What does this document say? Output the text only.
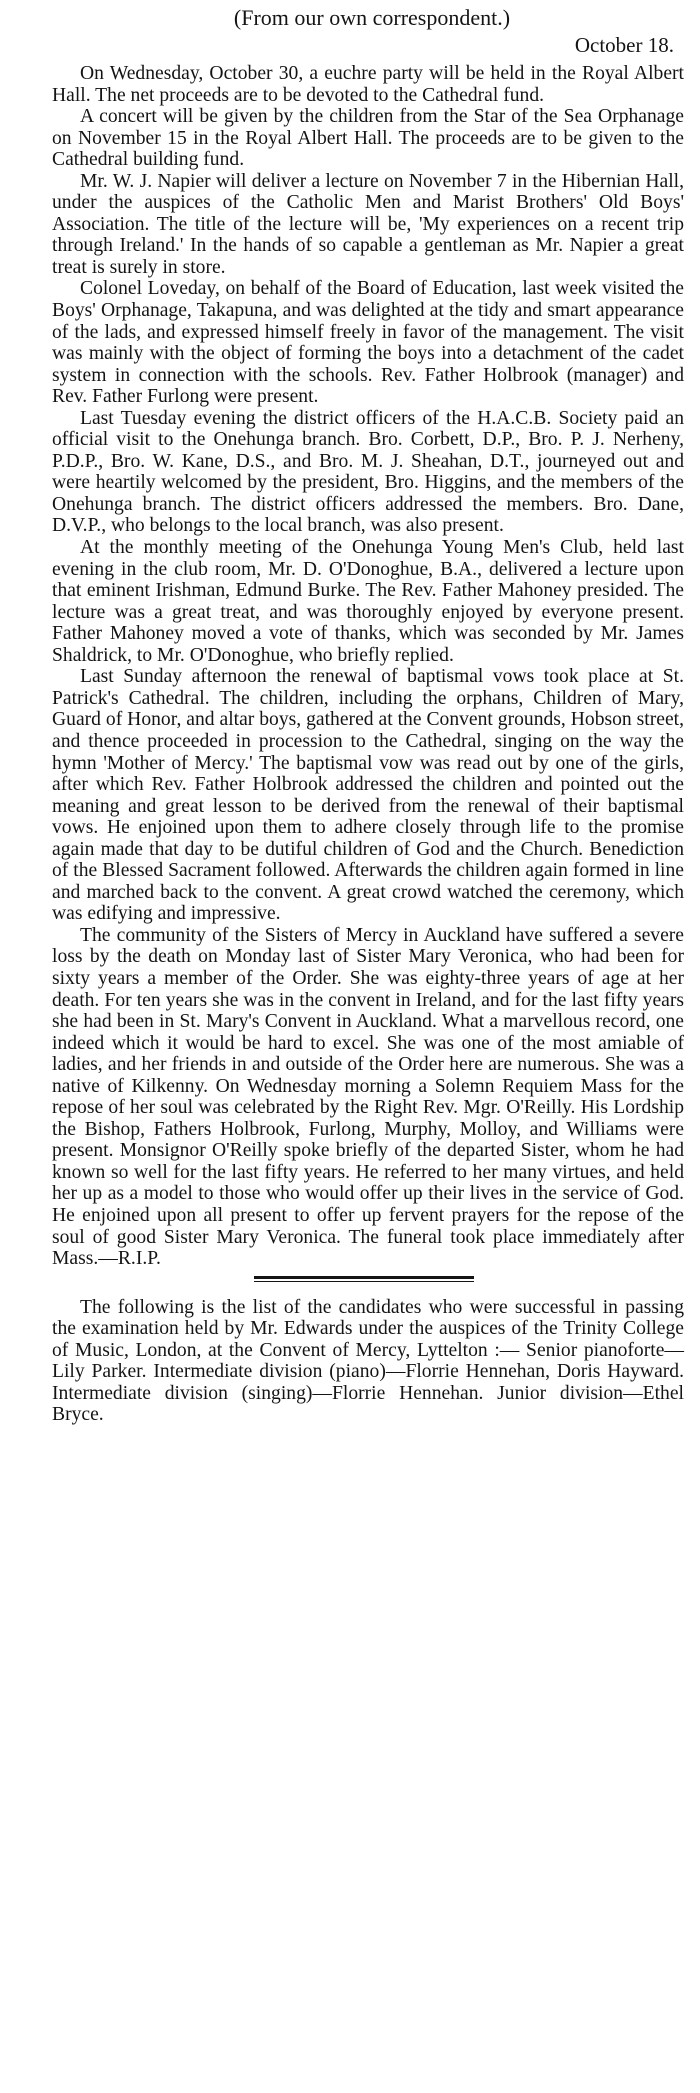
(From our own correspondent.)

October 18.

On Wednesday, October 30, a euchre party will be held in the Royal Albert Hall. The net proceeds are to be devoted to the Cathedral fund.

A concert will be given by the children from the Star of the Sea Orphanage on November 15 in the Royal Albert Hall. The proceeds are to be given to the Cathedral building fund.

Mr. W. J. Napier will deliver a lecture on November 7 in the Hibernian Hall, under the auspices of the Catholic Men and Marist Brothers' Old Boys' Association. The title of the lecture will be, 'My experiences on a recent trip through Ireland.' In the hands of so capable a gentleman as Mr. Napier a great treat is surely in store.

Colonel Loveday, on behalf of the Board of Education, last week visited the Boys' Orphanage, Takapuna, and was delighted at the tidy and smart appearance of the lads, and expressed himself freely in favor of the management. The visit was mainly with the object of forming the boys into a detachment of the cadet system in connection with the schools. Rev. Father Holbrook (manager) and Rev. Father Furlong were present.

Last Tuesday evening the district officers of the H.A.C.B. Society paid an official visit to the Onehunga branch. Bro. Corbett, D.P., Bro. P. J. Nerheny, P.D.P., Bro. W. Kane, D.S., and Bro. M. J. Sheahan, D.T., journeyed out and were heartily welcomed by the president, Bro. Higgins, and the members of the Onehunga branch. The district officers addressed the members. Bro. Dane, D.V.P., who belongs to the local branch, was also present.

At the monthly meeting of the Onehunga Young Men's Club, held last evening in the club room, Mr. D. O'Donoghue, B.A., delivered a lecture upon that eminent Irishman, Edmund Burke. The Rev. Father Mahoney presided. The lecture was a great treat, and was thoroughly enjoyed by everyone present. Father Mahoney moved a vote of thanks, which was seconded by Mr. James Shaldrick, to Mr. O'Donoghue, who briefly replied.

Last Sunday afternoon the renewal of baptismal vows took place at St. Patrick's Cathedral. The children, including the orphans, Children of Mary, Guard of Honor, and altar boys, gathered at the Convent grounds, Hobson street, and thence proceeded in procession to the Cathedral, singing on the way the hymn 'Mother of Mercy.' The baptismal vow was read out by one of the girls, after which Rev. Father Holbrook addressed the children and pointed out the meaning and great lesson to be derived from the renewal of their baptismal vows. He enjoined upon them to adhere closely through life to the promise again made that day to be dutiful children of God and the Church. Benediction of the Blessed Sacrament followed. Afterwards the children again formed in line and marched back to the convent. A great crowd watched the ceremony, which was edifying and impressive.

The community of the Sisters of Mercy in Auckland have suffered a severe loss by the death on Monday last of Sister Mary Veronica, who had been for sixty years a member of the Order. She was eighty-three years of age at her death. For ten years she was in the convent in Ireland, and for the last fifty years she had been in St. Mary's Convent in Auckland. What a marvellous record, one indeed which it would be hard to excel. She was one of the most amiable of ladies, and her friends in and outside of the Order here are numerous. She was a native of Kilkenny. On Wednesday morning a Solemn Requiem Mass for the repose of her soul was celebrated by the Right Rev. Mgr. O'Reilly. His Lordship the Bishop, Fathers Holbrook, Furlong, Murphy, Molloy, and Williams were present. Monsignor O'Reilly spoke briefly of the departed Sister, whom he had known so well for the last fifty years. He referred to her many virtues, and held her up as a model to those who would offer up their lives in the service of God. He enjoined upon all present to offer up fervent prayers for the repose of the soul of good Sister Mary Veronica. The funeral took place immediately after Mass.—R.I.P.

The following is the list of the candidates who were successful in passing the examination held by Mr. Edwards under the auspices of the Trinity College of Music, London, at the Convent of Mercy, Lyttelton :— Senior pianoforte—Lily Parker. Intermediate division (piano)—Florrie Hennehan, Doris Hayward. Intermediate division (singing)—Florrie Hennehan. Junior division—Ethel Bryce.
